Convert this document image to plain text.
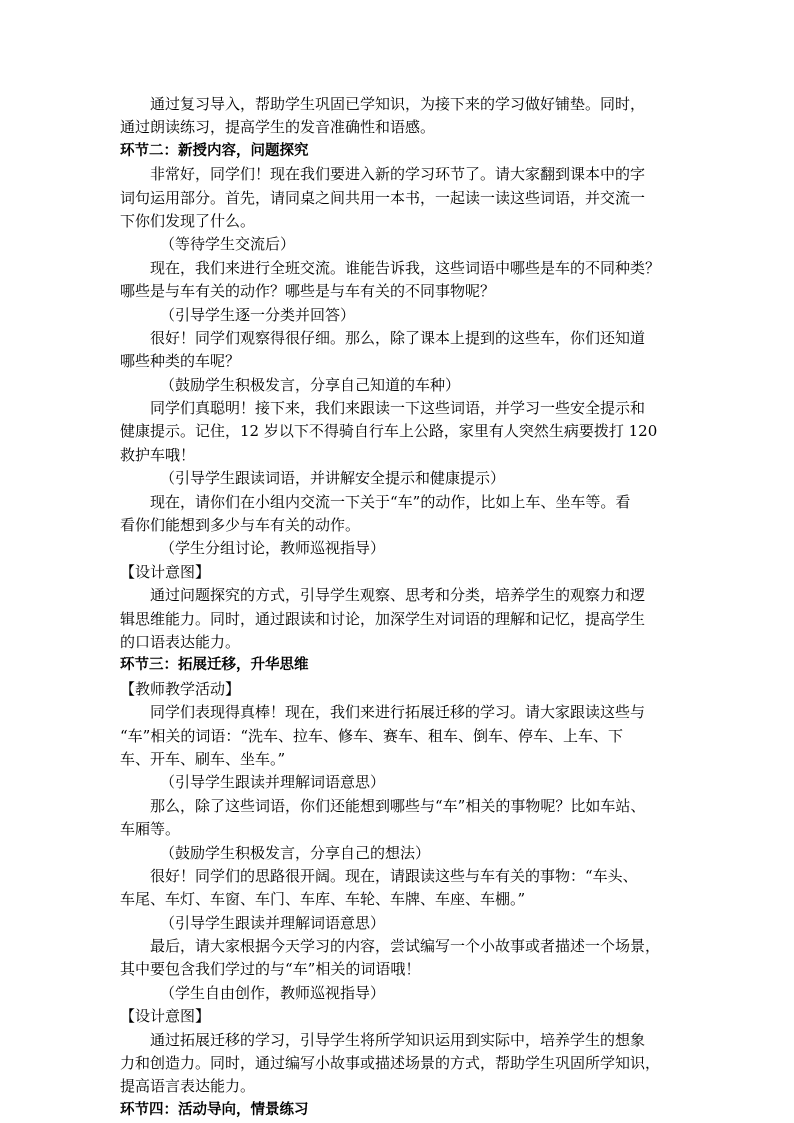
通过复习导入，帮助学生巩固已学知识，为接下来的学习做好铺垫。同时，
通过朗读练习，提高学生的发音准确性和语感。
环节二：新授内容，问题探究
非常好，同学们！现在我们要进入新的学习环节了。请大家翻到课本中的字
词句运用部分。首先，请同桌之间共用一本书，一起读一读这些词语，并交流一
下你们发现了什么。
（等待学生交流后）
现在，我们来进行全班交流。谁能告诉我，这些词语中哪些是车的不同种类？
哪些是与车有关的动作？哪些是与车有关的不同事物呢？
（引导学生逐一分类并回答）
很好！同学们观察得很仔细。那么，除了课本上提到的这些车，你们还知道
哪些种类的车呢？
（鼓励学生积极发言，分享自己知道的车种）
同学们真聪明！接下来，我们来跟读一下这些词语，并学习一些安全提示和
健康提示。记住，12 岁以下不得骑自行车上公路，家里有人突然生病要拨打 120
救护车哦！
（引导学生跟读词语，并讲解安全提示和健康提示）
现在，请你们在小组内交流一下关于“车”的动作，比如上车、坐车等。看
看你们能想到多少与车有关的动作。
（学生分组讨论，教师巡视指导）
【设计意图】
通过问题探究的方式，引导学生观察、思考和分类，培养学生的观察力和逻
辑思维能力。同时，通过跟读和讨论，加深学生对词语的理解和记忆，提高学生
的口语表达能力。
环节三：拓展迁移，升华思维
【教师教学活动】
同学们表现得真棒！现在，我们来进行拓展迁移的学习。请大家跟读这些与
“车”相关的词语：“洗车、拉车、修车、赛车、租车、倒车、停车、上车、下
车、开车、刷车、坐车。”
（引导学生跟读并理解词语意思）
那么，除了这些词语，你们还能想到哪些与“车”相关的事物呢？比如车站、
车厢等。
（鼓励学生积极发言，分享自己的想法）
很好！同学们的思路很开阔。现在，请跟读这些与车有关的事物：“车头、
车尾、车灯、车窗、车门、车库、车轮、车牌、车座、车棚。”
（引导学生跟读并理解词语意思）
最后，请大家根据今天学习的内容，尝试编写一个小故事或者描述一个场景，
其中要包含我们学过的与“车”相关的词语哦！
（学生自由创作，教师巡视指导）
【设计意图】
通过拓展迁移的学习，引导学生将所学知识运用到实际中，培养学生的想象
力和创造力。同时，通过编写小故事或描述场景的方式，帮助学生巩固所学知识，
提高语言表达能力。
环节四：活动导向，情景练习
